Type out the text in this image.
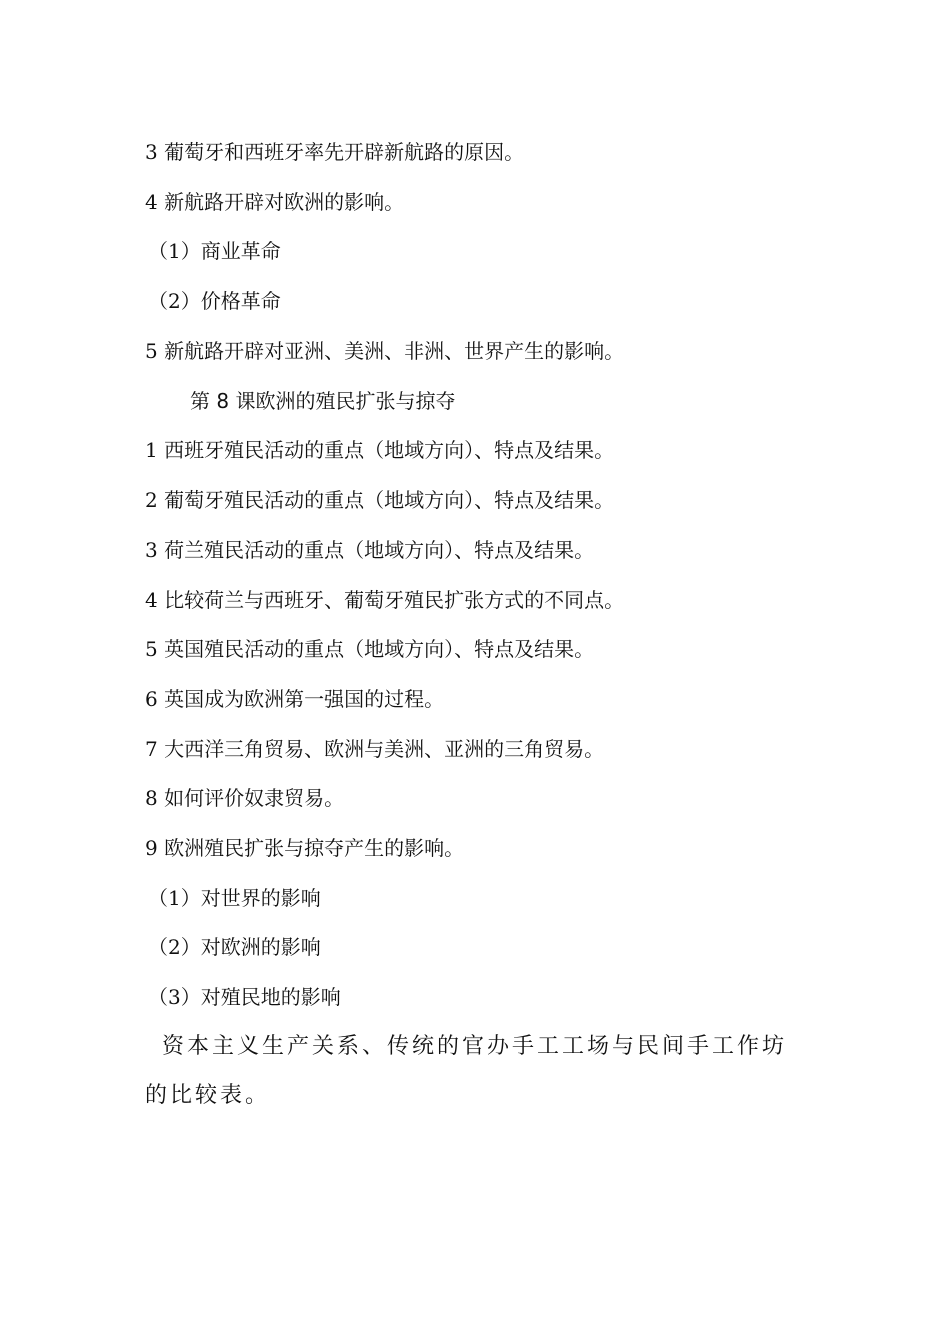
3 葡萄牙和西班牙率先开辟新航路的原因。
4 新航路开辟对欧洲的影响。
（1）商业革命
（2）价格革命
5 新航路开辟对亚洲、美洲、非洲、世界产生的影响。
第 8 课欧洲的殖民扩张与掠夺
1 西班牙殖民活动的重点（地域方向）、特点及结果。
2 葡萄牙殖民活动的重点（地域方向）、特点及结果。
3 荷兰殖民活动的重点（地域方向）、特点及结果。
4 比较荷兰与西班牙、葡萄牙殖民扩张方式的不同点。
5 英国殖民活动的重点（地域方向）、特点及结果。
6 英国成为欧洲第一强国的过程。
7 大西洋三角贸易、欧洲与美洲、亚洲的三角贸易。
8 如何评价奴隶贸易。
9 欧洲殖民扩张与掠夺产生的影响。
（1）对世界的影响
（2）对欧洲的影响
（3）对殖民地的影响
资本主义生产关系、传统的官办手工工场与民间手工作坊
的比较表。
